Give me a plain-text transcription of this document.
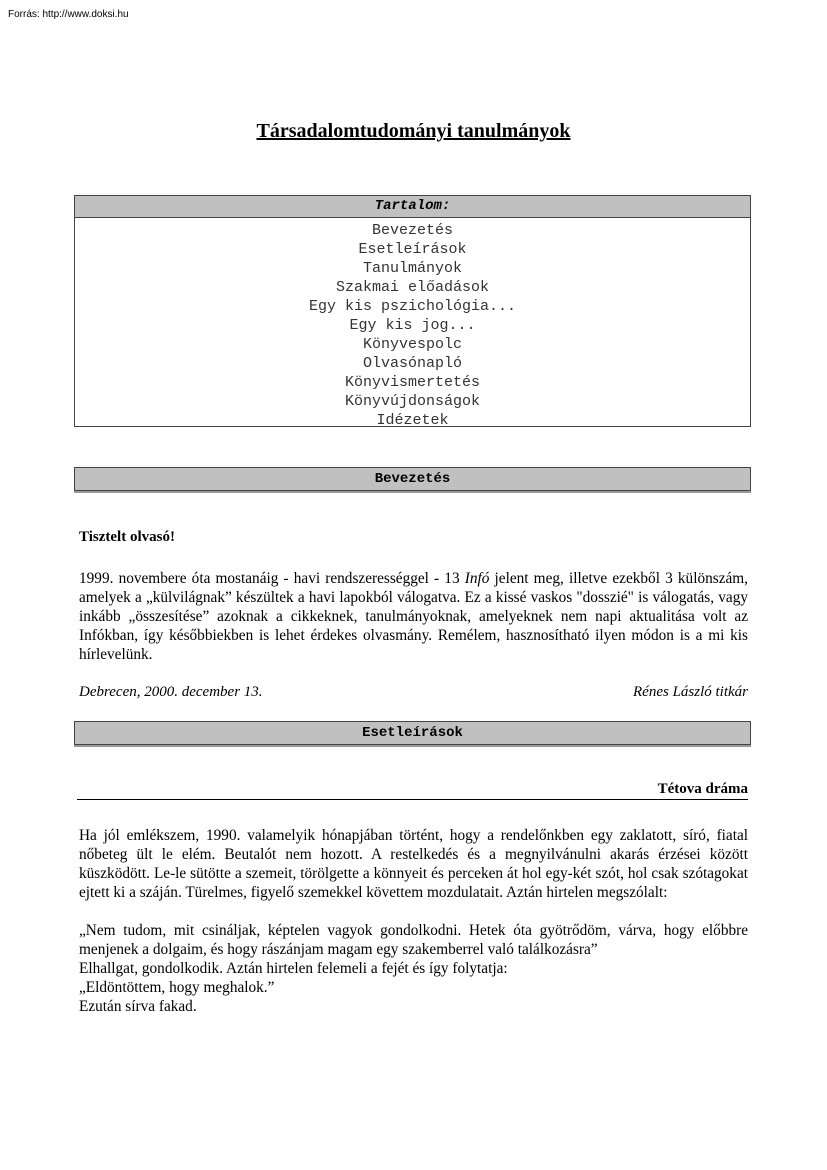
Forrás: http://www.doksi.hu
Társadalomtudományi tanulmányok
Tartalom:
Bevezetés
Esetleírások
Tanulmányok
Szakmai előadások
Egy kis pszichológia...
Egy kis jog...
Könyvespolc
Olvasónapló
Könyvismertetés
Könyvújdonságok
Idézetek
Bevezetés
Tisztelt olvasó!

1999. novembere óta mostanáig - havi rendszerességgel - 13 Infó jelent meg, illetve ezekből 3 különszám, amelyek a „külvilágnak” készültek a havi lapokból válogatva. Ez a kissé vaskos "dosszié" is válogatás, vagy inkább „összesítése” azoknak a cikkeknek, tanulmányoknak, amelyeknek nem napi aktualitása volt az Infókban, így későbbiekben is lehet érdekes olvasmány. Remélem, hasznosítható ilyen módon is a mi kis hírlevelünk.

Debrecen, 2000. december 13.	Rénes László titkár
Esetleírások
Tétova dráma

Ha jól emlékszem, 1990. valamelyik hónapjában történt, hogy a rendelőnkben egy zaklatott, síró, fiatal nőbeteg ült le elém. Beutalót nem hozott. A restelkedés és a megnyilvánulni akarás érzései között küszködött. Le-le sütötte a szemeit, törölgette a könnyeit és perceken át hol egy-két szót, hol csak szótagokat ejtett ki a száján. Türelmes, figyelő szemekkel követtem mozdulatait. Aztán hirtelen megszólalt:

„Nem tudom, mit csináljak, képtelen vagyok gondolkodni. Hetek óta gyötrődöm, várva, hogy előbbre menjenek a dolgaim, és hogy rászánjam magam egy szakemberrel való találkozásra”

Elhallgat, gondolkodik. Aztán hirtelen felemeli a fejét és így folytatja:
„Eldöntöttem, hogy meghalok.”
Ezután sírva fakad.
